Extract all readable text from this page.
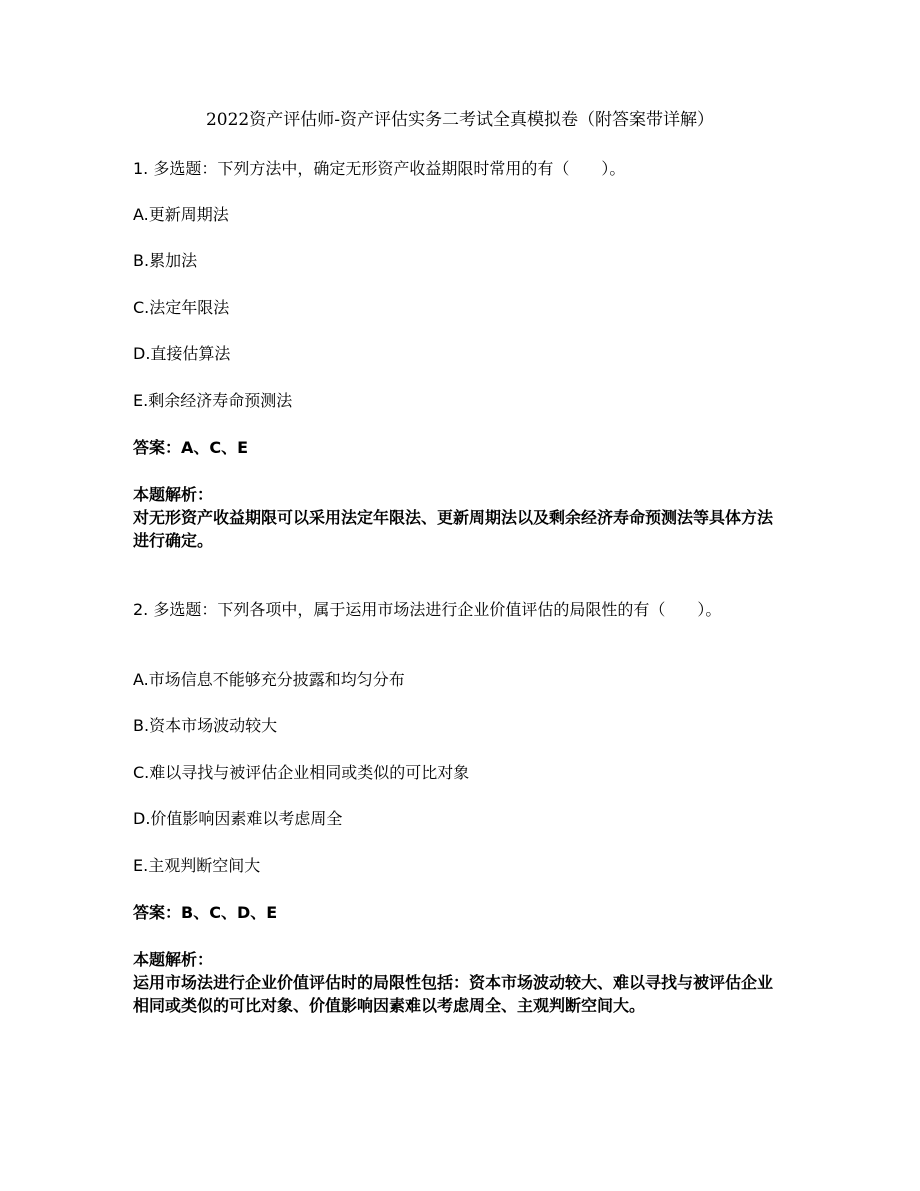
2022资产评估师-资产评估实务二考试全真模拟卷（附答案带详解）

1. 多选题：下列方法中，确定无形资产收益期限时常用的有（　　）。

A.更新周期法

B.累加法

C.法定年限法

D.直接估算法

E.剩余经济寿命预测法

答案：A、C、E
本题解析：
对无形资产收益期限可以采用法定年限法、更新周期法以及剩余经济寿命预测法等具体方法进行确定。

2. 多选题：下列各项中，属于运用市场法进行企业价值评估的局限性的有（　　）。

A.市场信息不能够充分披露和均匀分布

B.资本市场波动较大

C.难以寻找与被评估企业相同或类似的可比对象

D.价值影响因素难以考虑周全

E.主观判断空间大

答案：B、C、D、E
本题解析：
运用市场法进行企业价值评估时的局限性包括：资本市场波动较大、难以寻找与被评估企业相同或类似的可比对象、价值影响因素难以考虑周全、主观判断空间大。
